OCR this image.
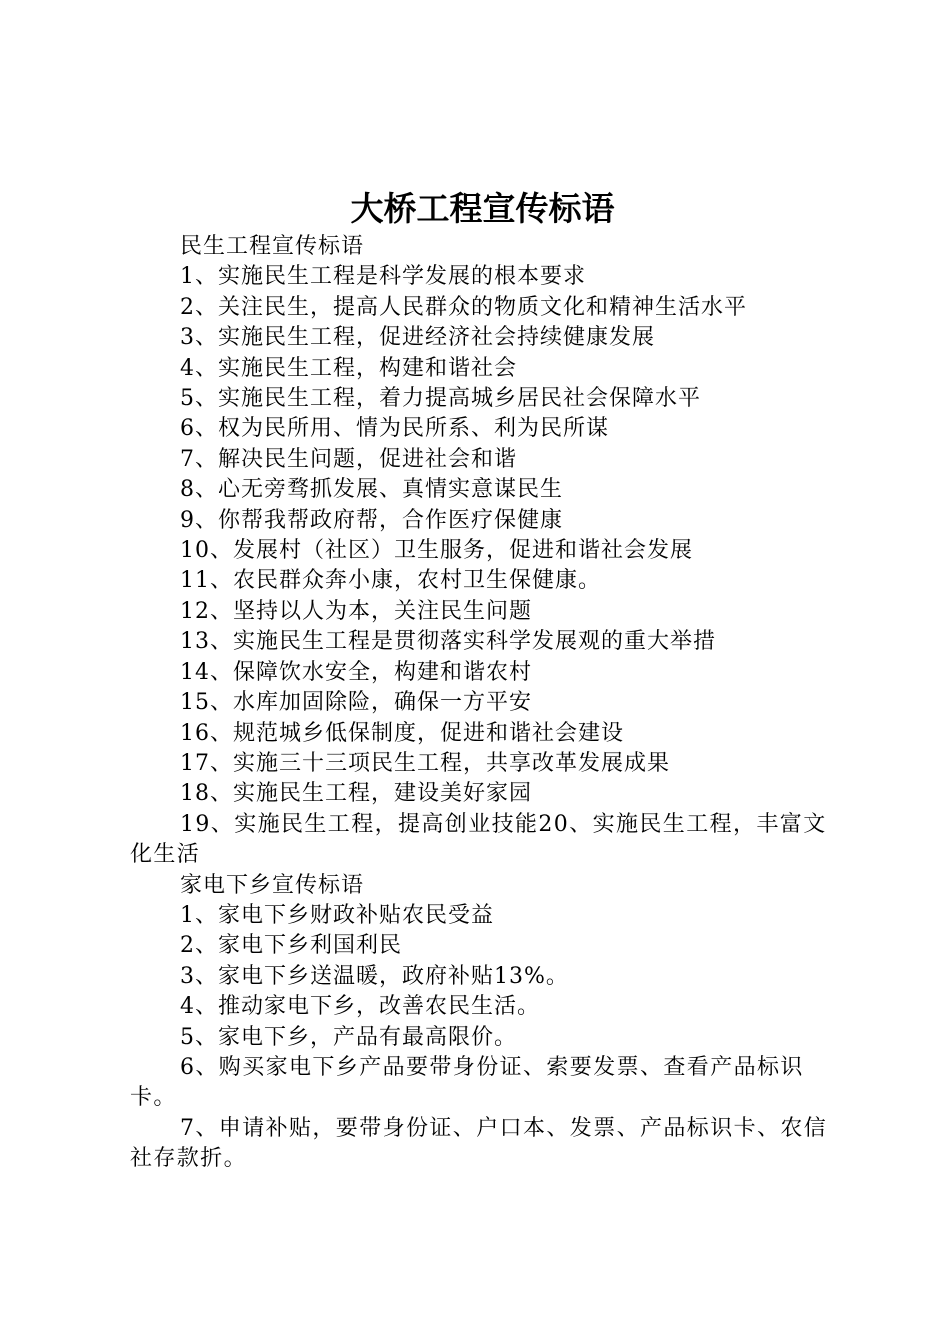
大桥工程宣传标语

民生工程宣传标语

1、实施民生工程是科学发展的根本要求

2、关注民生，提高人民群众的物质文化和精神生活水平

3、实施民生工程，促进经济社会持续健康发展

4、实施民生工程，构建和谐社会

5、实施民生工程，着力提高城乡居民社会保障水平

6、权为民所用、情为民所系、利为民所谋

7、解决民生问题，促进社会和谐

8、心无旁骛抓发展、真情实意谋民生

9、你帮我帮政府帮，合作医疗保健康

10、发展村（社区）卫生服务，促进和谐社会发展

11、农民群众奔小康，农村卫生保健康。

12、坚持以人为本，关注民生问题

13、实施民生工程是贯彻落实科学发展观的重大举措

14、保障饮水安全，构建和谐农村

15、水库加固除险，确保一方平安

16、规范城乡低保制度，促进和谐社会建设

17、实施三十三项民生工程，共享改革发展成果

18、实施民生工程，建设美好家园

19、实施民生工程，提高创业技能20、实施民生工程，丰富文化生活

家电下乡宣传标语

1、家电下乡财政补贴农民受益

2、家电下乡利国利民

3、家电下乡送温暖，政府补贴13%。

4、推动家电下乡，改善农民生活。

5、家电下乡，产品有最高限价。

6、购买家电下乡产品要带身份证、索要发票、查看产品标识卡。

7、申请补贴，要带身份证、户口本、发票、产品标识卡、农信社存款折。
